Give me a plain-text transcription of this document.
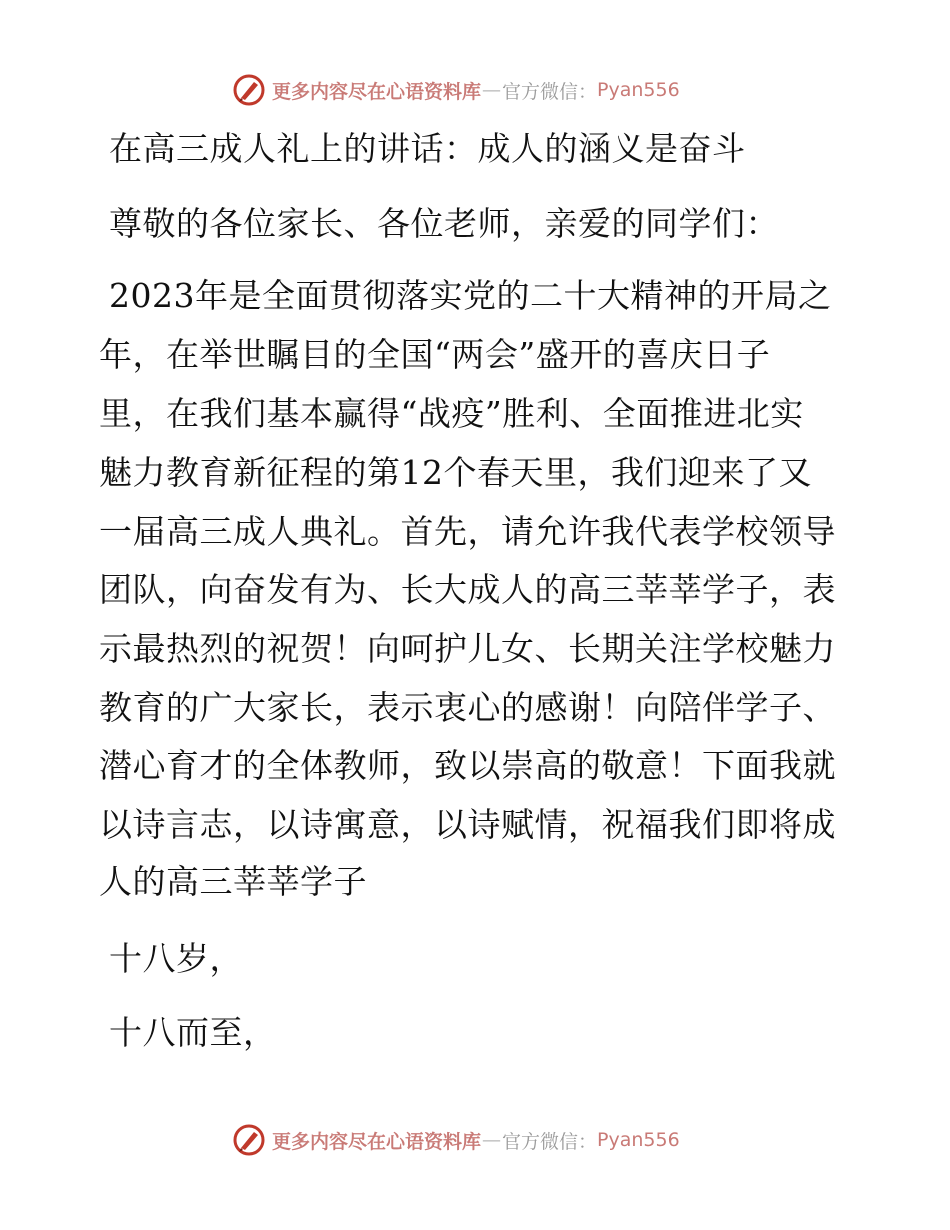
更多内容尽在心语资料库 — 官方微信： Pyan556
在高三成人礼上的讲话：成人的涵义是奋斗
尊敬的各位家长、各位老师，亲爱的同学们：
2023年是全面贯彻落实党的二十大精神的开局之
年，在举世瞩目的全国“两会”盛开的喜庆日子
里，在我们基本赢得“战疫”胜利、全面推进北实
魅力教育新征程的第12个春天里，我们迎来了又
一届高三成人典礼。首先，请允许我代表学校领导
团队，向奋发有为、长大成人的高三莘莘学子，表
示最热烈的祝贺！向呵护儿女、长期关注学校魅力
教育的广大家长，表示衷心的感谢！向陪伴学子、
潜心育才的全体教师，致以崇高的敬意！下面我就
以诗言志，以诗寓意，以诗赋情，祝福我们即将成
人的高三莘莘学子
十八岁，
十八而至，
更多内容尽在心语资料库 — 官方微信： Pyan556
